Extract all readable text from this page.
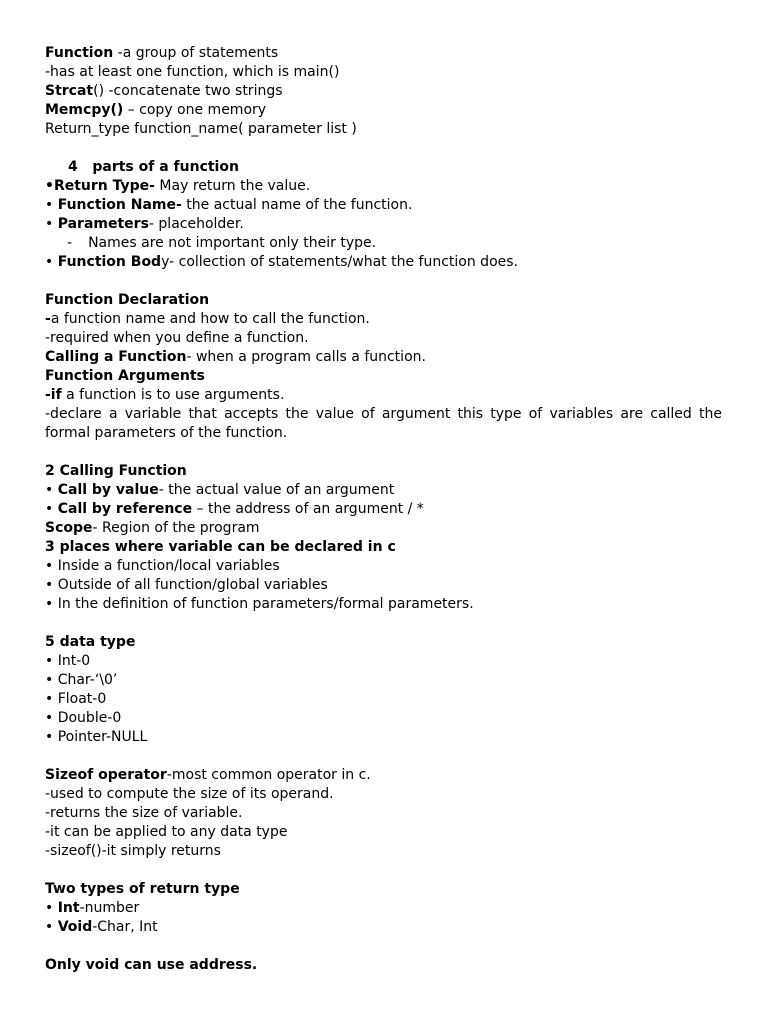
Function -a group of statements
-has at least one function, which is main()
Strcat() -concatenate two strings
Memcpy() – copy one memory
Return_type function_name( parameter list )
4   parts of a function
•Return Type- May return the value.
• Function Name- the actual name of the function.
• Parameters- placeholder.
- Names are not important only their type.
• Function Body- collection of statements/what the function does.
Function Declaration
-a function name and how to call the function.
-required when you define a function.
Calling a Function- when a program calls a function.
Function Arguments
-if a function is to use arguments.
-declare a variable that accepts the value of argument this type of variables are called the formal parameters of the function.
2 Calling Function
• Call by value- the actual value of an argument
• Call by reference – the address of an argument / *
Scope- Region of the program
3 places where variable can be declared in c
• Inside a function/local variables
• Outside of all function/global variables
• In the definition of function parameters/formal parameters.
5 data type
• Int-0
• Char-‘\0’
• Float-0
• Double-0
• Pointer-NULL
Sizeof operator-most common operator in c.
-used to compute the size of its operand.
-returns the size of variable.
-it can be applied to any data type
-sizeof()-it simply returns
Two types of return type
• Int-number
• Void-Char, Int
Only void can use address.
